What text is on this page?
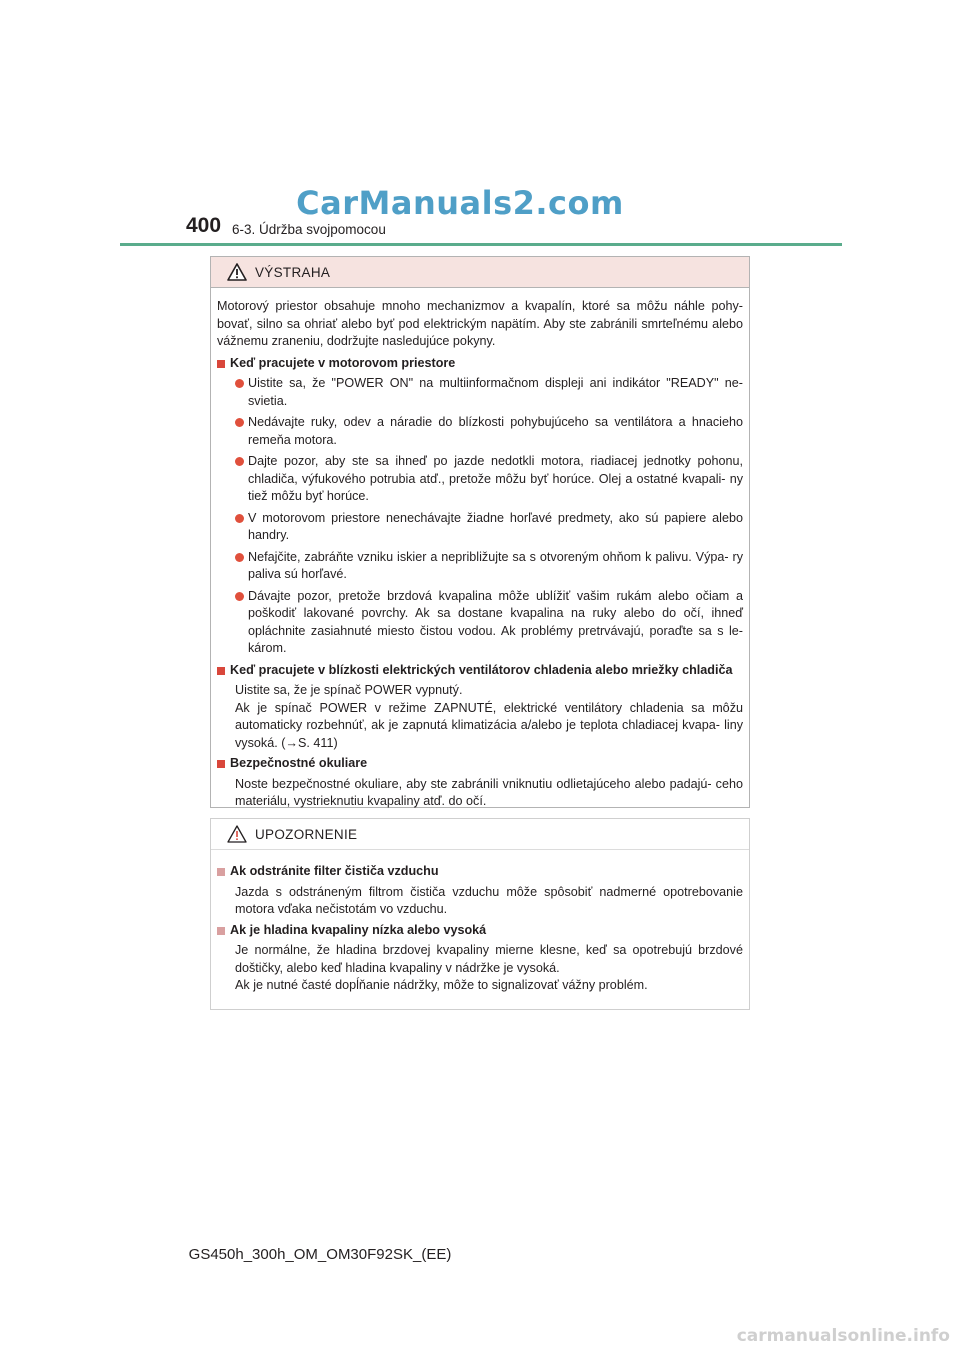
CarManuals2.com
400 6-3. Údržba svojpomocou
VÝSTRAHA

Motorový priestor obsahuje mnoho mechanizmov a kvapalín, ktoré sa môžu náhle pohy- bovať, silno sa ohriať alebo byť pod elektrickým napätím. Aby ste zabránili smrteľnému alebo vážnemu zraneniu, dodržujte nasledujúce pokyny.

Keď pracujete v motorovom priestore

Uistite sa, že "POWER ON" na multiinformačnom displeji ani indikátor "READY" ne- svietia.

Nedávajte ruky, odev a náradie do blízkosti pohybujúceho sa ventilátora a hnacieho remeňa motora.

Dajte pozor, aby ste sa ihneď po jazde nedotkli motora, riadiacej jednotky pohonu, chladiča, výfukového potrubia atď., pretože môžu byť horúce. Olej a ostatné kvapali- ny tiež môžu byť horúce.

V motorovom priestore nenechávajte žiadne horľavé predmety, ako sú papiere alebo handry.

Nefajčite, zabráňte vzniku iskier a nepribližujte sa s otvoreným ohňom k palivu. Výpa- ry paliva sú horľavé.

Dávajte pozor, pretože brzdová kvapalina môže ublížiť vašim rukám alebo očiam a poškodiť lakované povrchy. Ak sa dostane kvapalina na ruky alebo do očí, ihneď opláchnite zasiahnuté miesto čistou vodou. Ak problémy pretrvávajú, poraďte sa s le- károm.

Keď pracujete v blízkosti elektrických ventilátorov chladenia alebo mriežky chladiča

Uistite sa, že je spínač POWER vypnutý.

Ak je spínač POWER v režime ZAPNUTÉ, elektrické ventilátory chladenia sa môžu automaticky rozbehnúť, ak je zapnutá klimatizácia a/alebo je teplota chladiacej kvapa- liny vysoká. (→S. 411)

Bezpečnostné okuliare

Noste bezpečnostné okuliare, aby ste zabránili vniknutiu odlietajúceho alebo padajú- ceho materiálu, vystrieknutiu kvapaliny atď. do očí.

UPOZORNENIE

Ak odstránite filter čističa vzduchu

Jazda s odstráneným filtrom čističa vzduchu môže spôsobiť nadmerné opotrebovanie motora vďaka nečistotám vo vzduchu.

Ak je hladina kvapaliny nízka alebo vysoká

Je normálne, že hladina brzdovej kvapaliny mierne klesne, keď sa opotrebujú brzdové doštičky, alebo keď hladina kvapaliny v nádržke je vysoká.

Ak je nutné časté dopĺňanie nádržky, môže to signalizovať vážny problém.

GS450h_300h_OM_OM30F92SK_(EE)
carmanualsonline.info
